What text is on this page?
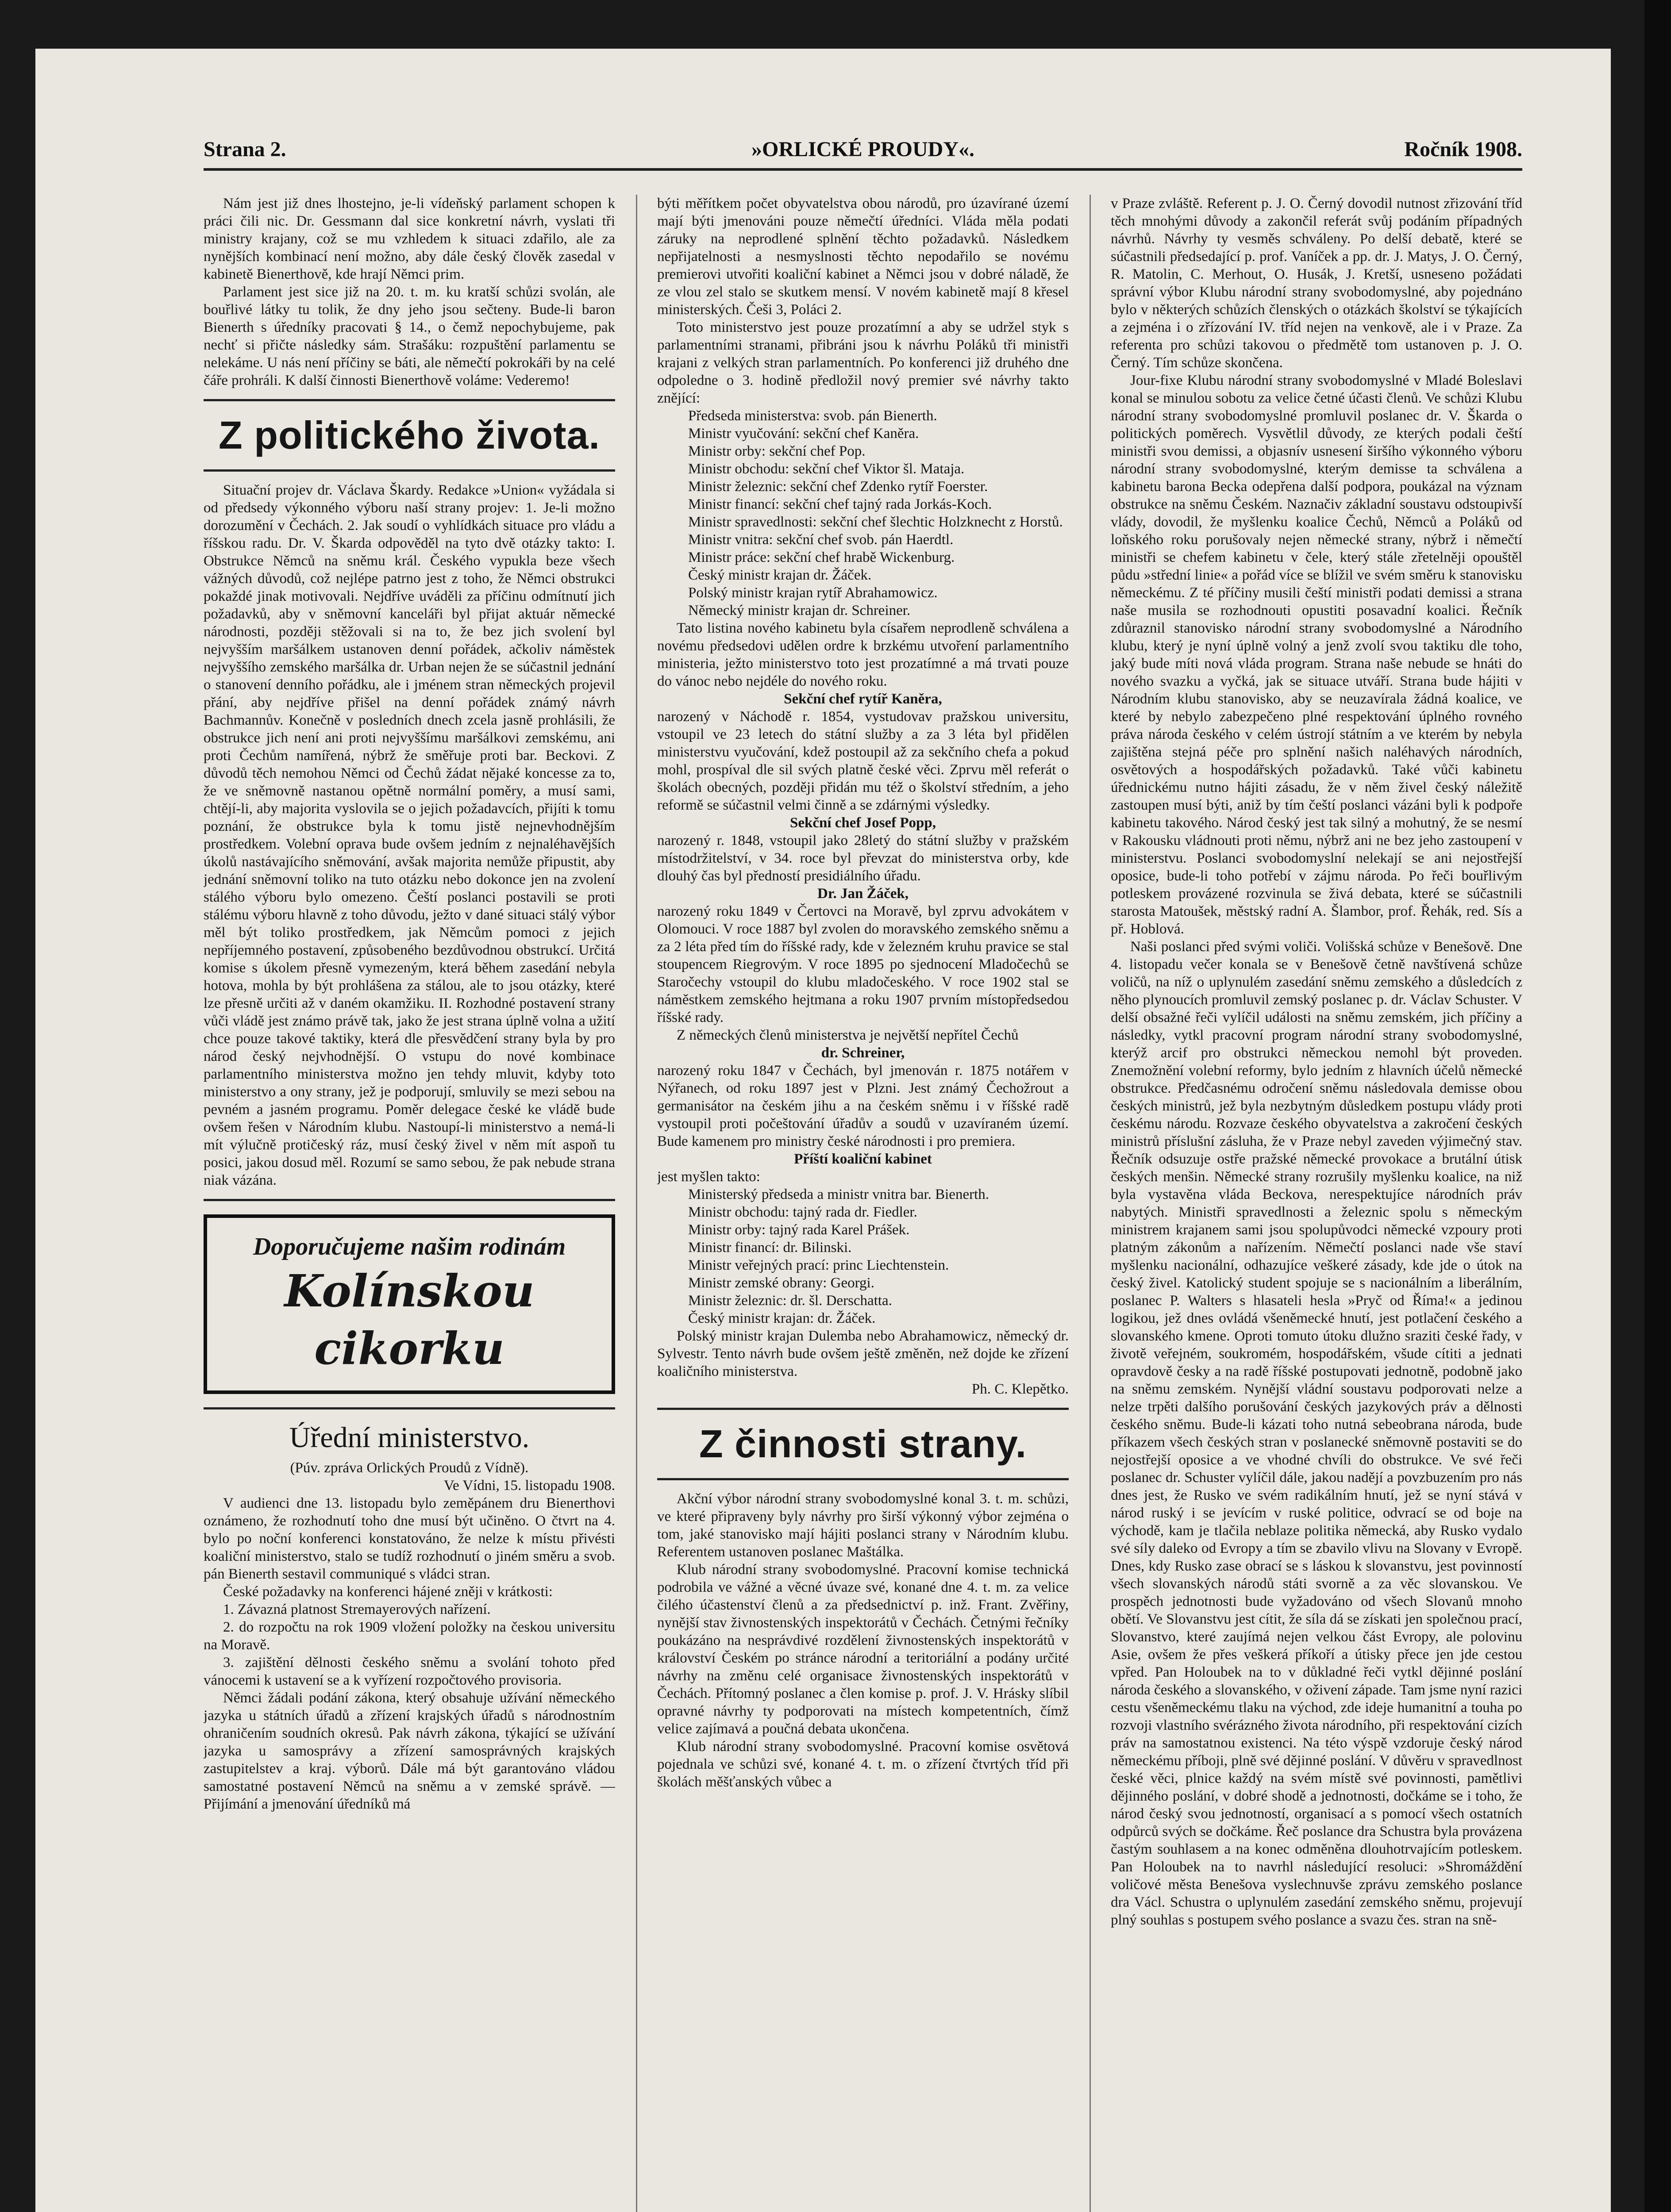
»ORLICKÉ PROUDY«.
Strana 2.	Ročník 1908.

Nám jest již dnes lhostejno, je-li vídeňský parlament schopen k práci čili nic. Dr. Gessmann dal sice konkretní návrh, vyslati tři ministry krajany, což se mu vzhledem k situaci zdařilo, ale za nynějších kombinací není možno, aby dále český člověk zasedal v kabinetě Bienerthově, kde hrají Němci prim.

Parlament jest sice již na 20. t. m. ku kratší schůzi svolán, ale bouřlivé látky tu tolik, že dny jeho jsou sečteny. Bude-li baron Bienerth s úředníky pracovati § 14., o čemž nepochybujeme, pak nechť si přičte následky sám. Strašáku: rozpuštění parlamentu se nelekáme. U nás není příčiny se báti, ale němečtí pokrokáři by na celé čáře prohráli. K další činnosti Bienerthově voláme: Vederemo!

Z politického života.

Situační projev dr. Václava Škardy. Redakce »Union« vyžádala si od předsedy výkonného výboru naší strany projev: 1. Je-li možno dorozumění v Čechách. 2. Jak soudí o vyhlídkách situace pro vládu a říšskou radu. Dr. V. Škarda odpověděl na tyto dvě otázky takto: I. Obstrukce Němců na sněmu král. Českého vypukla beze všech vážných důvodů, což nejlépe patrno jest z toho, že Němci obstrukci pokaždé jinak motivovali. Nejdříve uváděli za příčinu odmítnutí jich požadavků, aby v sněmovní kanceláři byl přijat aktuár německé národnosti, později stěžovali si na to, že bez jich svolení byl nejvyšším maršálkem ustanoven denní pořádek, ačkoliv náměstek nejvyššího zemského maršálka dr. Urban nejen že se súčastnil jednání o stanovení denního pořádku, ale i jménem stran německých projevil přání, aby nejdříve přišel na denní pořádek známý návrh Bachmannův. Konečně v posledních dnech zcela jasně prohlásili, že obstrukce jich není ani proti nejvyššímu maršálkovi zemskému, ani proti Čechům namířená, nýbrž že směřuje proti bar. Beckovi. Z důvodů těch nemohou Němci od Čechů žádat nějaké koncesse za to, že ve sněmovně nastanou opětně normální poměry, a musí sami, chtějí-li, aby majorita vyslovila se o jejich požadavcích, přijíti k tomu poznání, že obstrukce byla k tomu jistě nejnevhodnějším prostředkem. Volební oprava bude ovšem jedním z nejnaléhavějších úkolů nastávajícího sněmování, avšak majorita nemůže připustit, aby jednání sněmovní toliko na tuto otázku nebo dokonce jen na zvolení stálého výboru bylo omezeno. Čeští poslanci postavili se proti stálému výboru hlavně z toho důvodu, ježto v dané situaci stálý výbor měl být toliko prostředkem, jak Němcům pomoci z jejich nepříjemného postavení, způsobeného bezdůvodnou obstrukcí. Určitá komise s úkolem přesně vymezeným, která během zasedání nebyla hotova, mohla by být prohlášena za stálou, ale to jsou otázky, které lze přesně určiti až v daném okamžiku. II. Rozhodné postavení strany vůči vládě jest známo právě tak, jako že jest strana úplně volna a užití chce pouze takové taktiky, která dle přesvědčení strany byla by pro národ český nejvhodnější. O vstupu do nové kombinace parlamentního ministerstva možno jen tehdy mluvit, kdyby toto ministerstvo a ony strany, jež je podporují, smluvily se mezi sebou na pevném a jasném programu. Poměr delegace české ke vládě bude ovšem řešen v Národním klubu. Nastoupí-li ministerstvo a nemá-li mít výlučně protičeský ráz, musí český živel v něm mít aspoň tu posici, jakou dosud měl. Rozumí se samo sebou, že pak nebude strana niak vázána.

Doporučujeme našim rodinám
Kolínskou cikorku
Úřední ministerstvo.

(Púv. zpráva Orlických Proudů z Vídně).

Ve Vídni, 15. listopadu 1908.

V audienci dne 13. listopadu bylo zeměpánem dru Bienerthovi oznámeno, že rozhodnutí toho dne musí být učiněno. O čtvrt na 4. bylo po noční konferenci konstatováno, že nelze k místu přivésti koaliční ministerstvo, stalo se tudíž rozhodnutí o jiném směru a svob. pán Bienerth sestavil communiqué s vládci stran.

České požadavky na konferenci hájené zněji v krátkosti:

1. Závazná platnost Stremayerových nařízení.

2. do rozpočtu na rok 1909 vložení položky na českou universitu na Moravě.

3. zajištění dělnosti českého sněmu a svolání tohoto před vánocemi k ustavení se a k vyřízení rozpočtového provisoria.

Němci žádali podání zákona, který obsahuje užívání německého jazyka u státních úřadů a zřízení krajských úřadů s národnostním ohraničením soudních okresů. Pak návrh zákona, týkající se užívání jazyka u samosprávy a zřízení samosprávných krajských zastupitelstev a kraj. výborů. Dále má být garantováno vládou samostatné postavení Němců na sněmu a v zemské správě. — Přijímání a jmenování úředníků má

býti měřítkem počet obyvatelstva obou národů, pro úzavírané území mají býti jmenováni pouze němečtí úředníci. Vláda měla podati záruky na neprodlené splnění těchto požadavků. Následkem nepřijatelnosti a nesmyslnosti těchto nepodařilo se novému premierovi utvořiti koaliční kabinet a Němci jsou v dobré náladě, že ze vlou zel stalo se skutkem mensí. V novém kabinetě mají 8 křesel ministerských. Češi 3, Poláci 2.

Toto ministerstvo jest pouze prozatímní a aby se udržel styk s parlamentními stranami, přibráni jsou k návrhu Poláků tři ministři krajani z velkých stran parlamentních. Po konferenci již druhého dne odpoledne o 3. hodině předložil nový premier své návrhy takto znějící:

Předseda ministerstva: svob. pán Bienerth.

Ministr vyučování: sekční chef Kaněra.

Ministr orby: sekční chef Pop.

Ministr obchodu: sekční chef Viktor šl. Mataja.

Ministr železnic: sekční chef Zdenko rytíř Foerster.

Ministr financí: sekční chef tajný rada Jorkás-Koch.

Ministr spravedlnosti: sekční chef šlechtic Holzknecht z Horstů.

Ministr vnitra: sekční chef svob. pán Haerdtl.

Ministr práce: sekční chef hrabě Wickenburg.

Český ministr krajan dr. Žáček.

Polský ministr krajan rytíř Abrahamowicz.

Německý ministr krajan dr. Schreiner.

Tato listina nového kabinetu byla císařem neprodleně schválena a novému předsedovi udělen ordre k brzkému utvoření parlamentního ministeria, ježto ministerstvo toto jest prozatímné a má trvati pouze do vánoc nebo nejdéle do nového roku.

Sekční chef rytíř Kaněra,

narozený v Náchodě r. 1854, vystudovav pražskou universitu, vstoupil ve 23 letech do státní služby a za 3 léta byl přidělen ministerstvu vyučování, kdež postoupil až za sekčního chefa a pokud mohl, prospíval dle sil svých platně české věci. Zprvu měl referát o školách obecných, později přidán mu též o školství středním, a jeho reformě se súčastnil velmi činně a se zdárnými výsledky.

Sekční chef Josef Popp,

narozený r. 1848, vstoupil jako 28letý do státní služby v pražském místodržitelství, v 34. roce byl převzat do ministerstva orby, kde dlouhý čas byl předností presidiálního úřadu.

Dr. Jan Žáček,

narozený roku 1849 v Čertovci na Moravě, byl zprvu advokátem v Olomouci. V roce 1887 byl zvolen do moravského zemského sněmu a za 2 léta před tím do říšské rady, kde v železném kruhu pravice se stal stoupencem Riegrovým. V roce 1895 po sjednocení Mladočechů se Staročechy vstoupil do klubu mladočeského. V roce 1902 stal se náměstkem zemského hejtmana a roku 1907 prvním místopředsedou říšské rady.

Z německých členů ministerstva je největší nepřítel Čechů

dr. Schreiner,

narozený roku 1847 v Čechách, byl jmenován r. 1875 notářem v Nýřanech, od roku 1897 jest v Plzni. Jest známý Čechožrout a germanisátor na českém jihu a na českém sněmu i v říšské radě vystoupil proti počeštování úřadův a soudů v uzavíraném území. Bude kamenem pro ministry české národnosti i pro premiera.

Příští koaliční kabinet

jest myšlen takto:

Ministerský předseda a ministr vnitra bar. Bienerth.

Ministr obchodu: tajný rada dr. Fiedler.

Ministr orby: tajný rada Karel Prášek.

Ministr financí: dr. Bilinski.

Ministr veřejných prací: princ Liechtenstein.

Ministr zemské obrany: Georgi.

Ministr železnic: dr. šl. Derschatta.

Český ministr krajan: dr. Žáček.

Polský ministr krajan Dulemba nebo Abrahamowicz, německý dr. Sylvestr. Tento návrh bude ovšem ještě změněn, než dojde ke zřízení koaličního ministerstva.

Ph. C. Klepětko.

Z činnosti strany.

Akční výbor národní strany svobodomyslné konal 3. t. m. schůzi, ve které připraveny byly návrhy pro širší výkonný výbor zejména o tom, jaké stanovisko mají hájiti poslanci strany v Národním klubu. Referentem ustanoven poslanec Maštálka.

Klub národní strany svobodomyslné. Pracovní komise technická podrobila ve vážné a věcné úvaze své, konané dne 4. t. m. za velice čilého účastenství členů a za předsednictví p. inž. Frant. Zvěřiny, nynější stav živnostenských inspektorátů v Čechách. Četnými řečníky poukázáno na nesprávdivé rozdělení živnostenských inspektorátů v království Českém po stránce národní a teritoriální a podány určité návrhy na změnu celé organisace živnostenských inspektorátů v Čechách. Přítomný poslanec a člen komise p. prof. J. V. Hrásky slíbil opravné návrhy ty podporovati na místech kompetentních, čímž velice zajímavá a poučná debata ukončena.

Klub národní strany svobodomyslné. Pracovní komise osvětová pojednala ve schůzi své, konané 4. t. m. o zřízení čtvrtých tříd při školách měšťanských vůbec a

v Praze zvláště. Referent p. J. O. Černý dovodil nutnost zřizování tříd těch mnohými důvody a zakončil referát svůj podáním případných návrhů. Návrhy ty vesměs schváleny. Po delší debatě, které se súčastnili předsedající p. prof. Vaníček a pp. dr. J. Matys, J. O. Černý, R. Matolin, C. Merhout, O. Husák, J. Kretší, usneseno požádati správní výbor Klubu národní strany svobodomyslné, aby pojednáno bylo v některých schůzích členských o otázkách školství se týkajících a zejména i o zřízování IV. tříd nejen na venkově, ale i v Praze. Za referenta pro schůzi takovou o předmětě tom ustanoven p. J. O. Černý. Tím schůze skončena.

Jour-fixe Klubu národní strany svobodomyslné v Mladé Boleslavi konal se minulou sobotu za velice četné účasti členů. Ve schůzi Klubu národní strany svobodomyslné promluvil poslanec dr. V. Škarda o politických poměrech. Vysvětlil důvody, ze kterých podali čeští ministři svou demissi, a objasnív usnesení širšího výkonného výboru národní strany svobodomyslné, kterým demisse ta schválena a kabinetu barona Becka odepřena další podpora, poukázal na význam obstrukce na sněmu Českém. Naznačiv základní soustavu odstoupivší vlády, dovodil, že myšlenku koalice Čechů, Němců a Poláků od loňského roku porušovaly nejen německé strany, nýbrž i němečtí ministři se chefem kabinetu v čele, který stále zřetelněji opouštěl půdu »střední linie« a pořád více se blížil ve svém směru k stanovisku německému. Z té příčiny musili čeští ministři podati demissi a strana naše musila se rozhodnouti opustiti posavadní koalici. Řečník zdůraznil stanovisko národní strany svobodomyslné a Národního klubu, který je nyní úplně volný a jenž zvolí svou taktiku dle toho, jaký bude míti nová vláda program. Strana naše nebude se hnáti do nového svazku a vyčká, jak se situace utváří. Strana bude hájiti v Národním klubu stanovisko, aby se neuzavírala žádná koalice, ve které by nebylo zabezpečeno plné respektování úplného rovného práva národa českého v celém ústrojí státním a ve kterém by nebyla zajištěna stejná péče pro splnění našich naléhavých národních, osvětových a hospodářských požadavků. Také vůči kabinetu úřednickému nutno hájiti zásadu, že v něm živel český náležitě zastoupen musí býti, aniž by tím čeští poslanci vázáni byli k podpoře kabinetu takového. Národ český jest tak silný a mohutný, že se nesmí v Rakousku vládnouti proti němu, nýbrž ani ne bez jeho zastoupení v ministerstvu. Poslanci svobodomyslní nelekají se ani nejostřejší oposice, bude-li toho potřebí v zájmu národa. Po řeči bouřlivým potleskem provázené rozvinula se živá debata, které se súčastnili starosta Matoušek, městský radní A. Šlambor, prof. Řehák, red. Sís a př. Hoblová.

Naši poslanci před svými voliči. Volišská schůze v Benešově. Dne 4. listopadu večer konala se v Benešově četně navštívená schůze voličů, na níž o uplynulém zasedání sněmu zemského a důsledcích z něho plynoucích promluvil zemský poslanec p. dr. Václav Schuster. V delší obsažné řeči vylíčil události na sněmu zemském, jich příčiny a následky, vytkl pracovní program národní strany svobodomyslné, kterýž arcif pro obstrukci německou nemohl být proveden. Znemožnění volební reformy, bylo jedním z hlavních účelů německé obstrukce. Předčasnému odročení sněmu následovala demisse obou českých ministrů, jež byla nezbytným důsledkem postupu vlády proti českému národu. Rozvaze českého obyvatelstva a zakročení českých ministrů příslušní zásluha, že v Praze nebyl zaveden výjimečný stav. Řečník odsuzuje ostře pražské německé provokace a brutální útisk českých menšin. Německé strany rozrušily myšlenku koalice, na niž byla vystavěna vláda Beckova, nerespektujíce národních práv nabytých. Ministři spravedlnosti a železnic spolu s německým ministrem krajanem sami jsou spolupůvodci německé vzpoury proti platným zákonům a nařízením. Němečtí poslanci nade vše staví myšlenku nacionální, odhazujíce veškeré zásady, kde jde o útok na český živel. Katolický student spojuje se s nacionálním a liberálním, poslanec P. Walters s hlasateli hesla »Pryč od Říma!« a jedinou logikou, jež dnes ovládá všeněmecké hnutí, jest potlačení českého a slovanského kmene. Oproti tomuto útoku dlužno sraziti české řady, v životě veřejném, soukromém, hospodářském, všude cítiti a jednati opravdově česky a na radě říšské postupovati jednotně, podobně jako na sněmu zemském. Nynější vládní soustavu podporovati nelze a nelze trpěti dalšího porušování českých jazykových práv a dělnosti českého sněmu. Bude-li kázati toho nutná sebeobrana národa, bude příkazem všech českých stran v poslanecké sněmovně postaviti se do nejostřejší oposice a ve vhodné chvíli do obstrukce. Ve své řeči poslanec dr. Schuster vylíčil dále, jakou nadějí a povzbuzením pro nás dnes jest, že Rusko ve svém radikálním hnutí, jež se nyní stává v národ ruský i se jevícím v ruské politice, odvrací se od boje na východě, kam je tlačila neblaze politika německá, aby Rusko vydalo své síly daleko od Evropy a tím se zbavilo vlivu na Slovany v Evropě. Dnes, kdy Rusko zase obrací se s láskou k slovanstvu, jest povinností všech slovanských národů státi svorně a za věc slovanskou. Ve prospěch jednotnosti bude vyžadováno od všech Slovanů mnoho obětí. Ve Slovanstvu jest cítit, že síla dá se získati jen společnou prací, Slovanstvo, které zaujímá nejen velkou část Evropy, ale polovinu Asie, ovšem že přes veškerá příkoří a útisky přece jen jde cestou vpřed. Pan Holoubek na to v důkladné řeči vytkl dějinné poslání národa českého a slovanského, v oživení západe. Tam jsme nyní razici cestu všeněmeckému tlaku na východ, zde ideje humanitní a touha po rozvoji vlastního svérázného života národního, při respektování cizích práv na samostatnou existenci. Na této výspě vzdoruje český národ německému příboji, plně své dějinné poslání. V důvěru v spravedlnost české věci, plnice každý na svém místě své povinnosti, pamětlivi dějinného poslání, v dobré shodě a jednotnosti, dočkáme se i toho, že národ český svou jednotností, organisací a s pomocí všech ostatních odpůrců svých se dočkáme. Řeč poslance dra Schustra byla provázena častým souhlasem a na konec odměněna dlouhotrvajícím potleskem. Pan Holoubek na to navrhl následující resoluci: »Shromáždění voličové města Benešova vyslechnuvše zprávu zemského poslance dra Václ. Schustra o uplynulém zasedání zemského sněmu, projevují plný souhlas s postupem svého poslance a svazu čes. stran na sně-
